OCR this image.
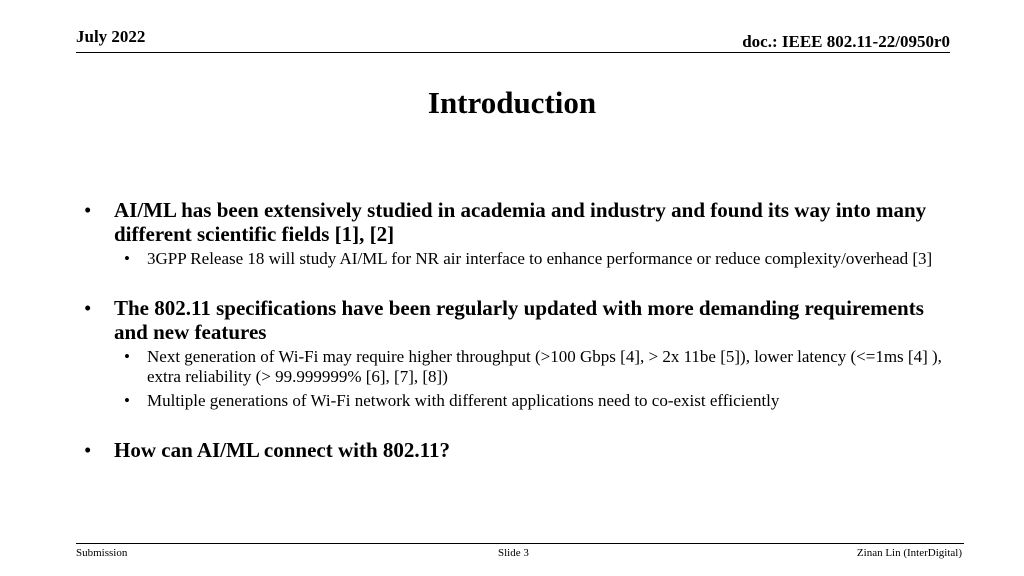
July 2022	doc.: IEEE 802.11-22/0950r0
Introduction
• AI/ML has been extensively studied in academia and industry and found its way into many different scientific fields [1], [2]
• 3GPP Release 18 will study AI/ML for NR air interface to enhance performance or reduce complexity/overhead [3]
• The 802.11 specifications have been regularly updated with more demanding requirements and new features
• Next generation of Wi-Fi may require higher throughput (>100 Gbps [4], > 2x 11be [5]), lower latency (<=1ms [4] ), extra reliability (> 99.999999% [6], [7], [8])
• Multiple generations of Wi-Fi network with different applications need to co-exist efficiently
• How can AI/ML connect with 802.11?
Submission	Slide 3	Zinan Lin (InterDigital)
